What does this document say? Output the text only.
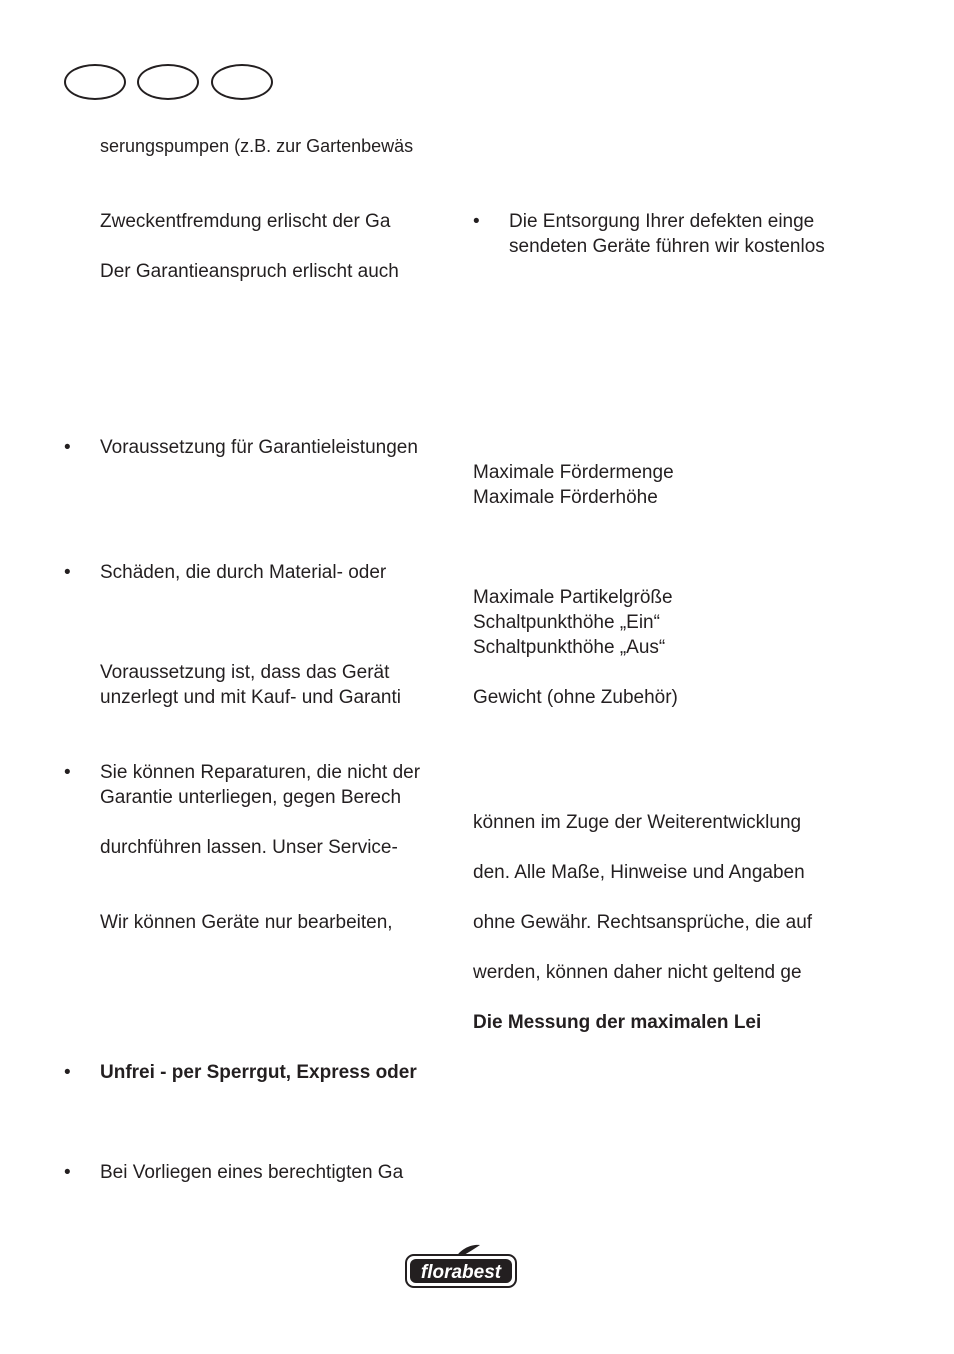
serungspumpen (z.B. zur Gartenbewäs
Zweckentfremdung erlischt der Ga
Der Garantieanspruch erlischt auch
• Voraussetzung für Garantieleistungen
• Schäden, die durch Material- oder
Voraussetzung ist, dass das Gerät
unzerlegt und mit Kauf- und Garanti
• Sie können Reparaturen, die nicht der
Garantie unterliegen, gegen Berech
durchführen lassen. Unser Service-
Wir können Geräte nur bearbeiten,
• Unfrei - per Sperrgut, Express oder
• Bei Vorliegen eines berechtigten Ga
• Die Entsorgung Ihrer defekten einge
sendeten Geräte führen wir kostenlos
Maximale Fördermenge
Maximale Förderhöhe
Maximale Partikelgröße
Schaltpunkthöhe „Ein“
Schaltpunkthöhe „Aus“
Gewicht (ohne Zubehör)
können im Zuge der Weiterentwicklung
den. Alle Maße, Hinweise und Angaben
ohne Gewähr. Rechtsansprüche, die auf
werden, können daher nicht geltend ge
Die Messung der maximalen Lei
florabest
